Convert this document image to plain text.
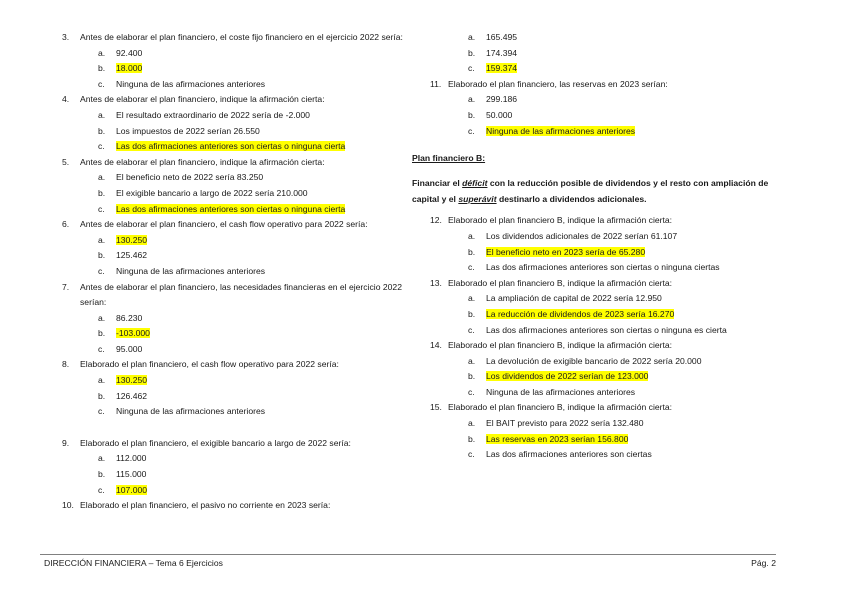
3.	Antes de elaborar el plan financiero, el coste fijo financiero en el ejercicio 2022 sería:
a.	92.400
b.	18.000
c.	Ninguna de las afirmaciones anteriores
4.	Antes de elaborar el plan financiero, indique la afirmación cierta:
a.	El resultado extraordinario de 2022 sería de -2.000
b.	Los impuestos de 2022 serían 26.550
c.	Las dos afirmaciones anteriores son ciertas o ninguna cierta
5.	Antes de elaborar el plan financiero, indique la afirmación cierta:
a.	El beneficio neto de 2022 sería 83.250
b.	El exigible bancario a largo de 2022 sería 210.000
c.	Las dos afirmaciones anteriores son ciertas o ninguna cierta
6.	Antes de elaborar el plan financiero, el cash flow operativo para 2022 sería:
a.	130.250
b.	125.462
c.	Ninguna de las afirmaciones anteriores
7.	Antes de elaborar el plan financiero, las necesidades financieras en el ejercicio 2022 serían:
a.	86.230
b.	-103.000
c.	95.000
8.	Elaborado el plan financiero, el cash flow operativo para 2022 sería:
a.	130.250
b.	126.462
c.	Ninguna de las afirmaciones anteriores
9.	Elaborado el plan financiero, el exigible bancario a largo de 2022 sería:
a.	112.000
b.	115.000
c.	107.000
10. Elaborado el plan financiero, el pasivo no corriente en 2023 sería:
a.	165.495
b.	174.394
c.	159.374
11. Elaborado el plan financiero, las reservas en 2023 serían:
a.	299.186
b.	50.000
c.	Ninguna de las afirmaciones anteriores
Plan financiero B:
Financiar el déficit con la reducción posible de dividendos y el resto con ampliación de capital y el superávit destinarlo a dividendos adicionales.
12. Elaborado el plan financiero B, indique la afirmación cierta:
a.	Los dividendos adicionales de 2022 serían 61.107
b.	El beneficio neto en 2023 sería de 65.280
c.	Las dos afirmaciones anteriores son ciertas o ninguna ciertas
13. Elaborado el plan financiero B, indique la afirmación cierta:
a.	La ampliación de capital de 2022 sería 12.950
b.	La reducción de dividendos de 2023 sería 16.270
c.	Las dos afirmaciones anteriores son ciertas o ninguna es cierta
14. Elaborado el plan financiero B, indique la afirmación cierta:
a.	La devolución de exigible bancario de 2022 sería 20.000
b.	Los dividendos de 2022 serían de 123.000
c.	Ninguna de las afirmaciones anteriores
15. Elaborado el plan financiero B, indique la afirmación cierta:
a.	El BAIT previsto para 2022 sería 132.480
b.	Las reservas en 2023 serían 156.800
c.	Las dos afirmaciones anteriores son ciertas
DIRECCIÓN FINANCIERA – Tema 6 Ejercicios	Pág. 2
